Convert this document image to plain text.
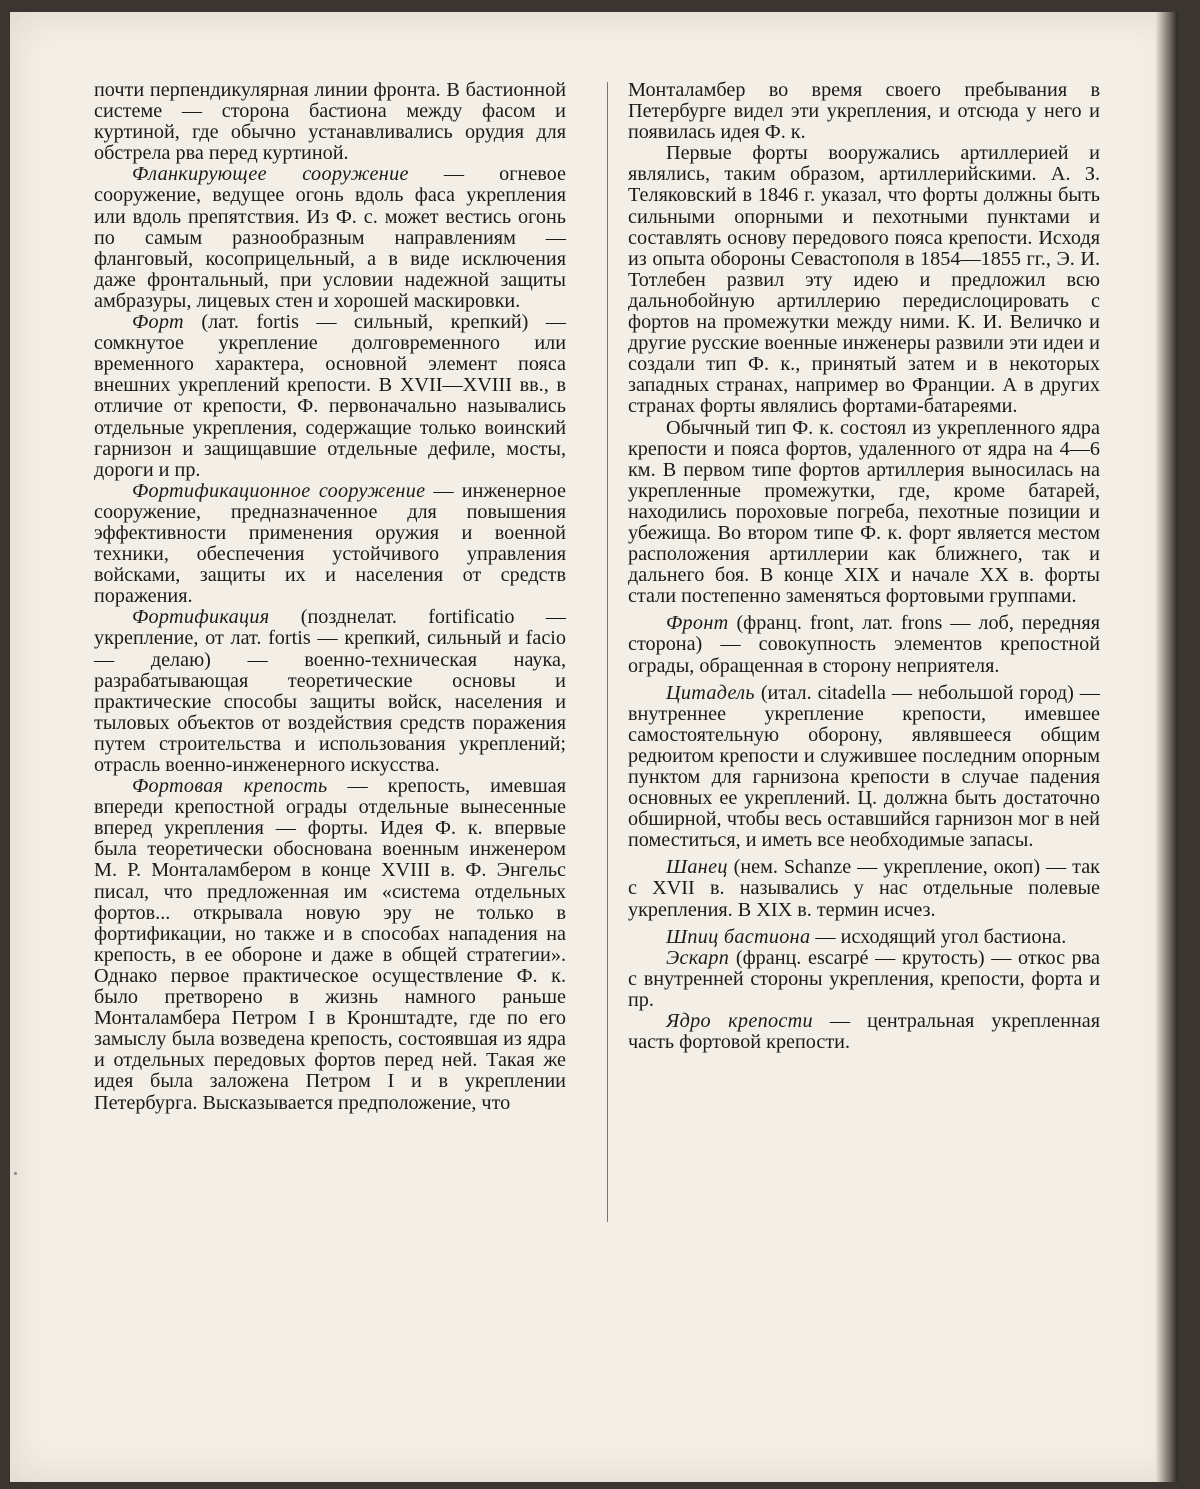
почти перпендикулярная линии фронта. В бастионной системе — сторона бастиона между фасом и куртиной, где обычно устанавливались орудия для обстрела рва перед куртиной.

Фланкирующее сооружение — огневое сооружение, ведущее огонь вдоль фаса укрепления или вдоль препятствия. Из Ф. с. может вестись огонь по самым разнообразным направлениям — фланговый, косоприцельный, а в виде исключения даже фронтальный, при условии надежной защиты амбразуры, лицевых стен и хорошей маскировки.

Форт (лат. fortis — сильный, крепкий) — сомкнутое укрепление долговременного или временного характера, основной элемент пояса внешних укреплений крепости. В XVII—XVIII вв., в отличие от крепости, Ф. первоначально назывались отдельные укрепления, содержащие только воинский гарнизон и защищавшие отдельные дефиле, мосты, дороги и пр.

Фортификационное сооружение — инженерное сооружение, предназначенное для повышения эффективности применения оружия и военной техники, обеспечения устойчивого управления войсками, защиты их и населения от средств поражения.

Фортификация (позднелат. fortificatio — укрепление, от лат. fortis — крепкий, сильный и facio — делаю) — военно-техническая наука, разрабатывающая теоретические основы и практические способы защиты войск, населения и тыловых объектов от воздействия средств поражения путем строительства и использования укреплений; отрасль военно-инженерного искусства.

Фортовая крепость — крепость, имевшая впереди крепостной ограды отдельные вынесенные вперед укрепления — форты. Идея Ф. к. впервые была теоретически обоснована военным инженером М. Р. Монталамбером в конце XVIII в. Ф. Энгельс писал, что предложенная им «система отдельных фортов... открывала новую эру не только в фортификации, но также и в способах нападения на крепость, в ее обороне и даже в общей стратегии». Однако первое практическое осуществление Ф. к. было претворено в жизнь намного раньше Монталамбера Петром I в Кронштадте, где по его замыслу была возведена крепость, состоявшая из ядра и отдельных передовых фортов перед ней. Такая же идея была заложена Петром I и в укреплении Петербурга. Высказывается предположение, что

Монталамбер во время своего пребывания в Петербурге видел эти укрепления, и отсюда у него и появилась идея Ф. к.

Первые форты вооружались артиллерией и являлись, таким образом, артиллерийскими. А. З. Теляковский в 1846 г. указал, что форты должны быть сильными опорными и пехотными пунктами и составлять основу передового пояса крепости. Исходя из опыта обороны Севастополя в 1854—1855 гг., Э. И. Тотлебен развил эту идею и предложил всю дальнобойную артиллерию передислоцировать с фортов на промежутки между ними. К. И. Величко и другие русские военные инженеры развили эти идеи и создали тип Ф. к., принятый затем и в некоторых западных странах, например во Франции. А в других странах форты являлись фортами-батареями.

Обычный тип Ф. к. состоял из укрепленного ядра крепости и пояса фортов, удаленного от ядра на 4—6 км. В первом типе фортов артиллерия выносилась на укрепленные промежутки, где, кроме батарей, находились пороховые погреба, пехотные позиции и убежища. Во втором типе Ф. к. форт является местом расположения артиллерии как ближнего, так и дальнего боя. В конце XIX и начале XX в. форты стали постепенно заменяться фортовыми группами.

Фронт (франц. front, лат. frons — лоб, передняя сторона) — совокупность элементов крепостной ограды, обращенная в сторону неприятеля.

Цитадель (итал. citadella — небольшой город) — внутреннее укрепление крепости, имевшее самостоятельную оборону, являвшееся общим редюитом крепости и служившее последним опорным пунктом для гарнизона крепости в случае падения основных ее укреплений. Ц. должна быть достаточно обширной, чтобы весь оставшийся гарнизон мог в ней поместиться, и иметь все необходимые запасы.

Шанец (нем. Schanze — укрепление, окоп) — так с XVII в. назывались у нас отдельные полевые укрепления. В XIX в. термин исчез.

Шпиц бастиона — исходящий угол бастиона.

Эскарп (франц. escarpé — крутость) — откос рва с внутренней стороны укрепления, крепости, форта и пр.

Ядро крепости — центральная укрепленная часть фортовой крепости.
